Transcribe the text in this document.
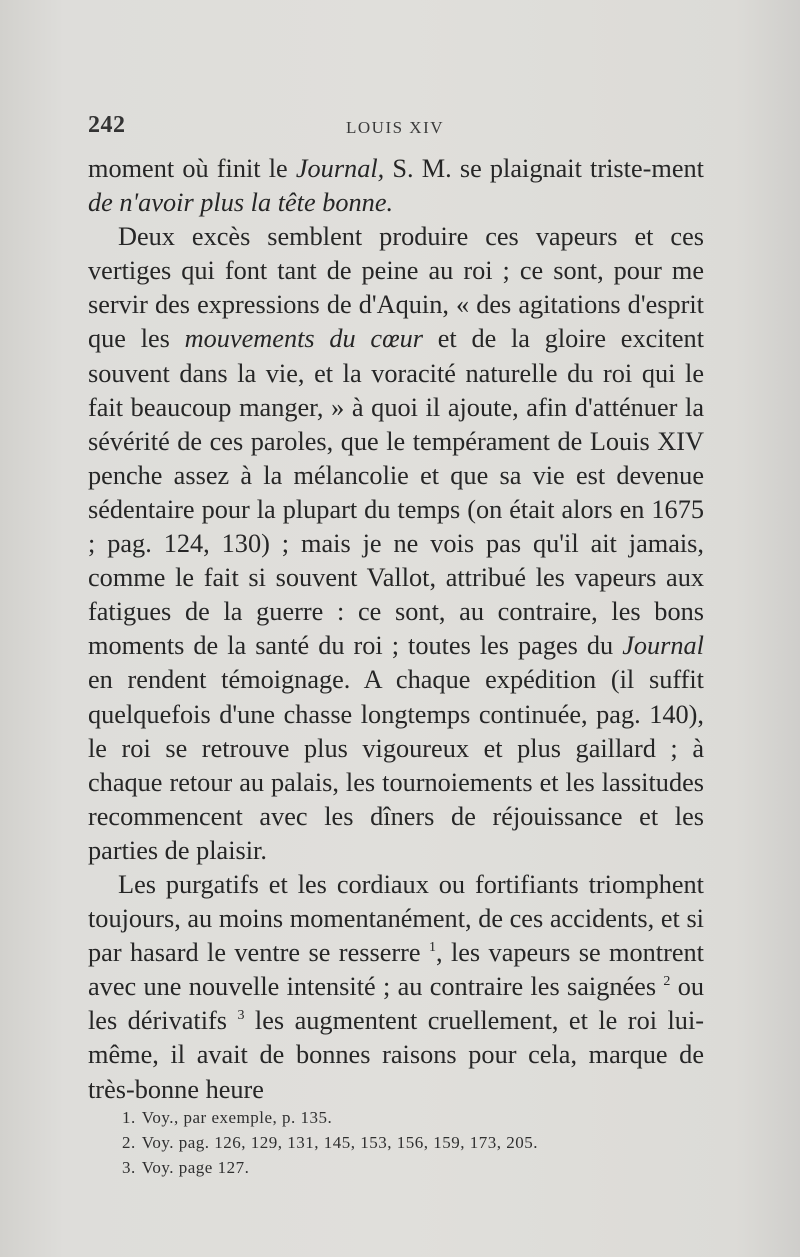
242	LOUIS XIV

moment où finit le Journal, S. M. se plaignait triste-ment de n'avoir plus la tête bonne.

Deux excès semblent produire ces vapeurs et ces vertiges qui font tant de peine au roi ; ce sont, pour me servir des expressions de d'Aquin, « des agitations d'esprit que les mouvements du cœur et de la gloire excitent souvent dans la vie, et la voracité naturelle du roi qui le fait beaucoup manger, » à quoi il ajoute, afin d'atténuer la sévérité de ces paroles, que le tempérament de Louis XIV penche assez à la mélancolie et que sa vie est devenue sédentaire pour la plupart du temps (on était alors en 1675 ; pag. 124, 130) ; mais je ne vois pas qu'il ait jamais, comme le fait si souvent Vallot, attribué les vapeurs aux fatigues de la guerre : ce sont, au contraire, les bons moments de la santé du roi ; toutes les pages du Journal en rendent témoignage. A chaque expédition (il suffit quelquefois d'une chasse longtemps continuée, pag. 140), le roi se retrouve plus vigoureux et plus gaillard ; à chaque retour au palais, les tournoiements et les lassitudes recommencent avec les dîners de réjouissance et les parties de plaisir.

Les purgatifs et les cordiaux ou fortifiants triomphent toujours, au moins momentanément, de ces accidents, et si par hasard le ventre se resserre $^1$, les vapeurs se montrent avec une nouvelle intensité ; au contraire les saignées $^2$ ou les dérivatifs $^3$ les augmentent cruellement, et le roi lui-même, il avait de bonnes raisons pour cela, marque de très-bonne heure

1. Voy., par exemple, p. 135.
2. Voy. pag. 126, 129, 131, 145, 153, 156, 159, 173, 205.
3. Voy. page 127.
